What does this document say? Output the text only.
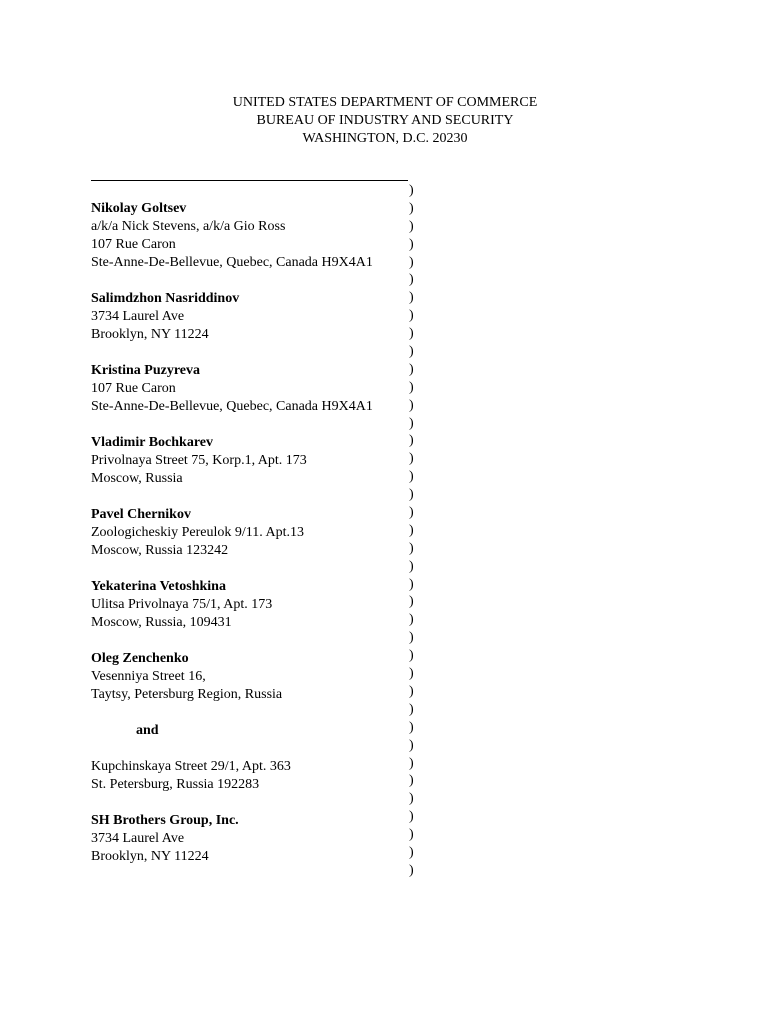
UNITED STATES DEPARTMENT OF COMMERCE
BUREAU OF INDUSTRY AND SECURITY
WASHINGTON, D.C. 20230
Nikolay Goltsev
a/k/a Nick Stevens, a/k/a Gio Ross
107 Rue Caron
Ste-Anne-De-Bellevue, Quebec, Canada H9X4A1
Salimdzhon Nasriddinov
3734 Laurel Ave
Brooklyn, NY 11224
Kristina Puzyreva
107 Rue Caron
Ste-Anne-De-Bellevue, Quebec, Canada H9X4A1
Vladimir Bochkarev
Privolnaya Street 75, Korp.1, Apt. 173
Moscow, Russia
Pavel Chernikov
Zoologicheskiy Pereulok 9/11. Apt.13
Moscow, Russia 123242
Yekaterina Vetoshkina
Ulitsa Privolnaya 75/1, Apt. 173
Moscow, Russia, 109431
Oleg Zenchenko
Vesenniya Street 16,
Taytsy, Petersburg Region, Russia
and
Kupchinskaya Street 29/1, Apt. 363
St. Petersburg, Russia 192283
SH Brothers Group, Inc.
3734 Laurel Ave
Brooklyn, NY 11224
)
)
)
)
)
)
)
)
)
)
)
)
)
)
)
)
)
)
)
)
)
)
)
)
)
)
)
)
)
)
)
)
)
)
)
)
)
)
)
